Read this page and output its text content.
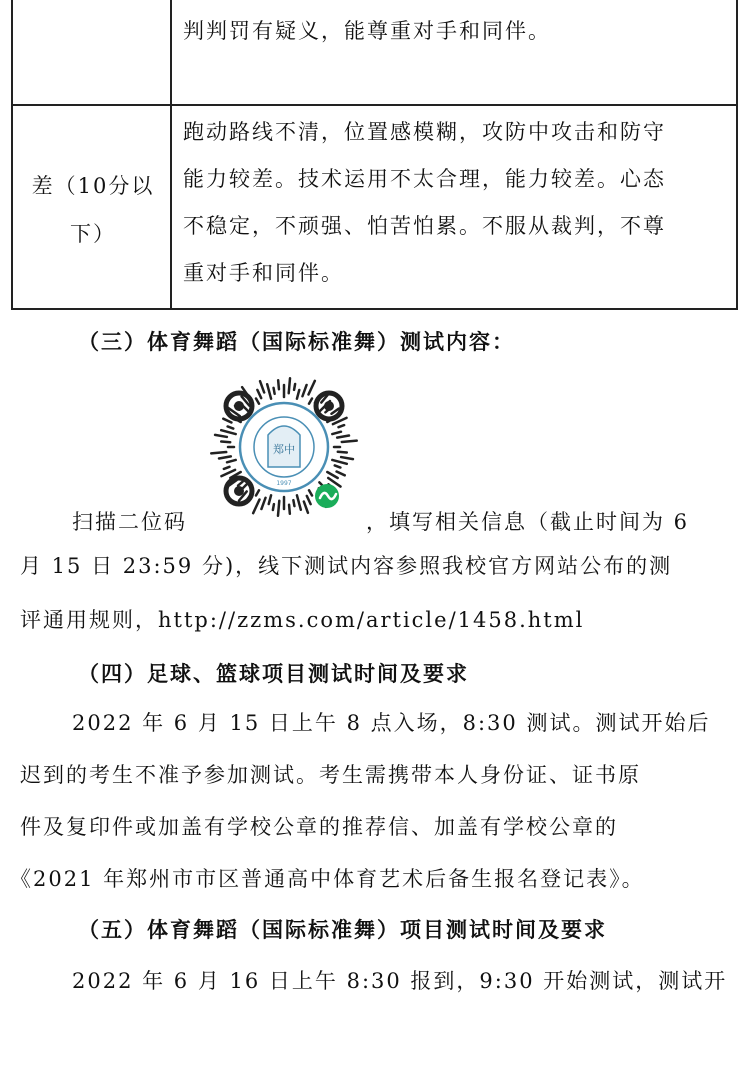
判判罚有疑义，能尊重对手和同伴。
差（10分以
下）
跑动路线不清，位置感模糊，攻防中攻击和防守
能力较差。技术运用不太合理，能力较差。心态
不稳定，不顽强、怕苦怕累。不服从裁判，不尊
重对手和同伴。
（三）体育舞蹈（国际标准舞）测试内容：
郑中
1997
扫描二位码	，填写相关信息（截止时间为 6
月 15 日 23:59 分)，线下测试内容参照我校官方网站公布的测
评通用规则，http://zzms.com/article/1458.html
（四）足球、篮球项目测试时间及要求
2022 年 6 月 15 日上午 8 点入场，8:30 测试。测试开始后
迟到的考生不准予参加测试。考生需携带本人身份证、证书原
件及复印件或加盖有学校公章的推荐信、加盖有学校公章的
《2021 年郑州市市区普通高中体育艺术后备生报名登记表》。
（五）体育舞蹈（国际标准舞）项目测试时间及要求
2022 年 6 月 16 日上午 8:30 报到，9:30 开始测试，测试开
